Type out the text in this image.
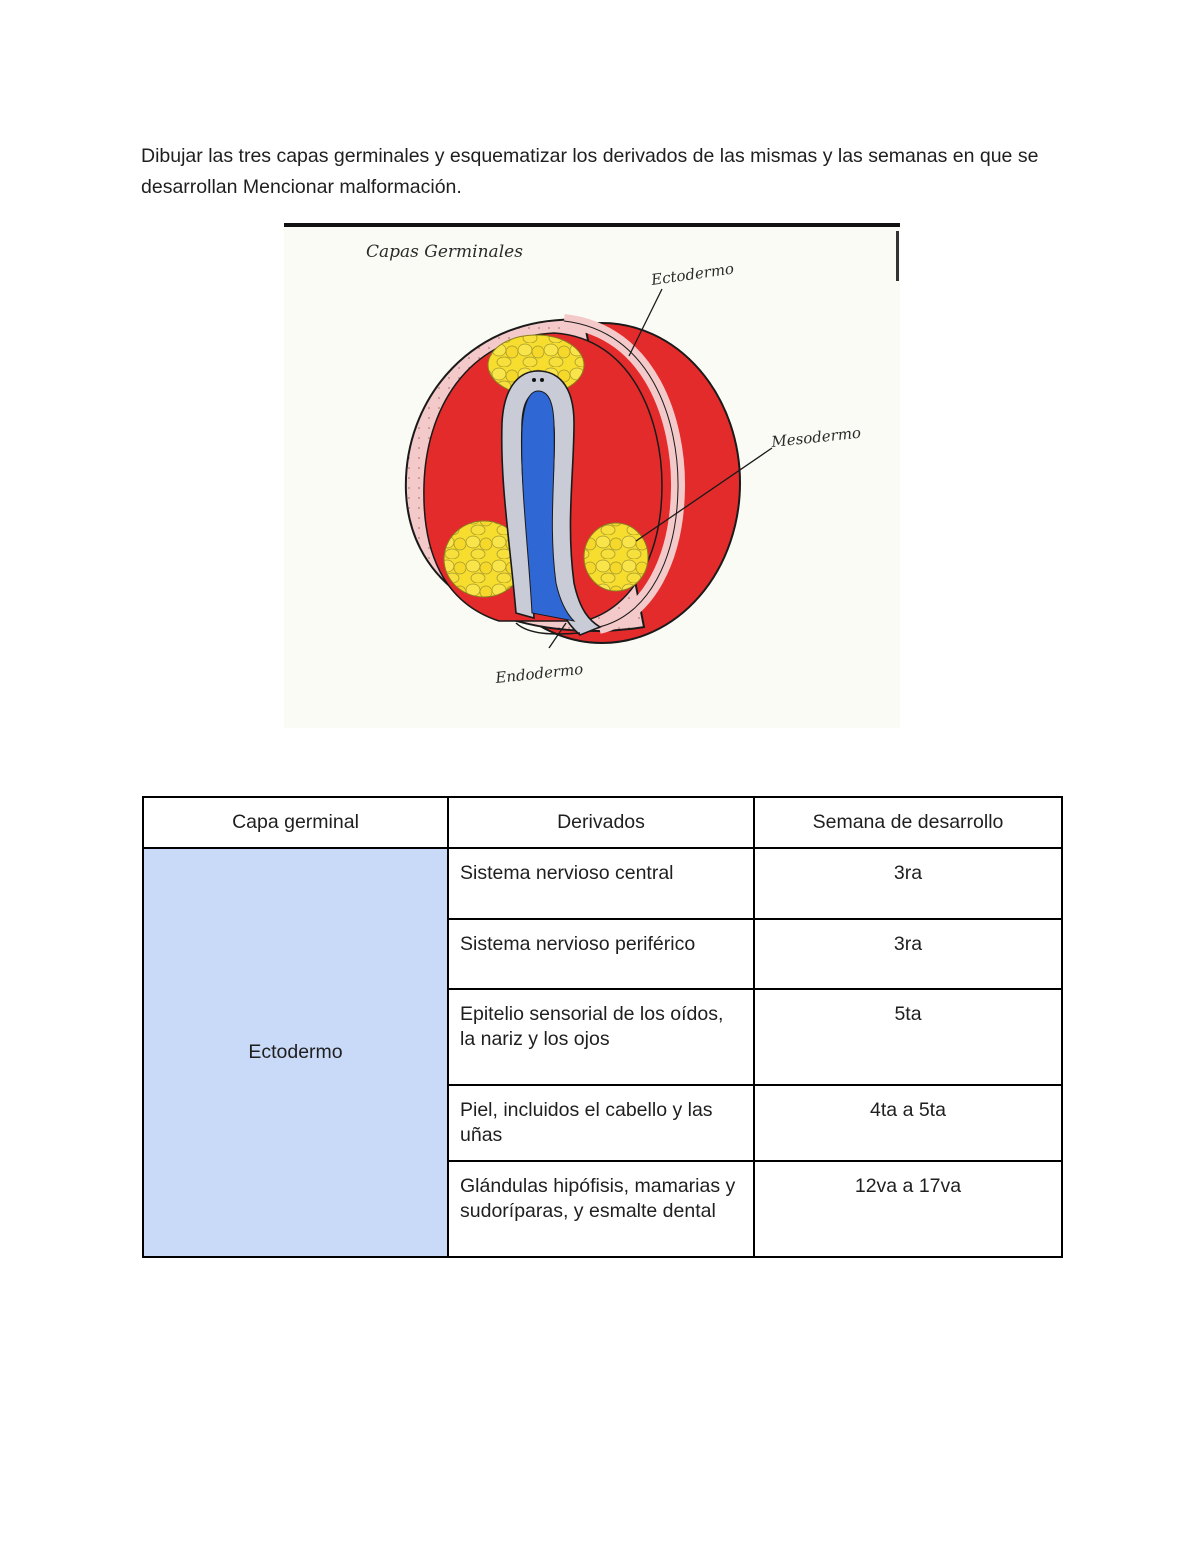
Dibujar las tres capas germinales y esquematizar los derivados de las mismas y las semanas en que se desarrollan Mencionar malformación.

Capas Germinales
Ectodermo
Mesodermo
Endodermo
Capa germinal	Derivados	Semana de desarrollo
Ectodermo	Sistema nervioso central	3ra
	Sistema nervioso periférico	3ra
	Epitelio sensorial de los oídos, la nariz y los ojos	5ta
	Piel, incluidos el cabello y las uñas	4ta a 5ta
	Glándulas hipófisis, mamarias y sudoríparas, y esmalte dental	12va a 17va
